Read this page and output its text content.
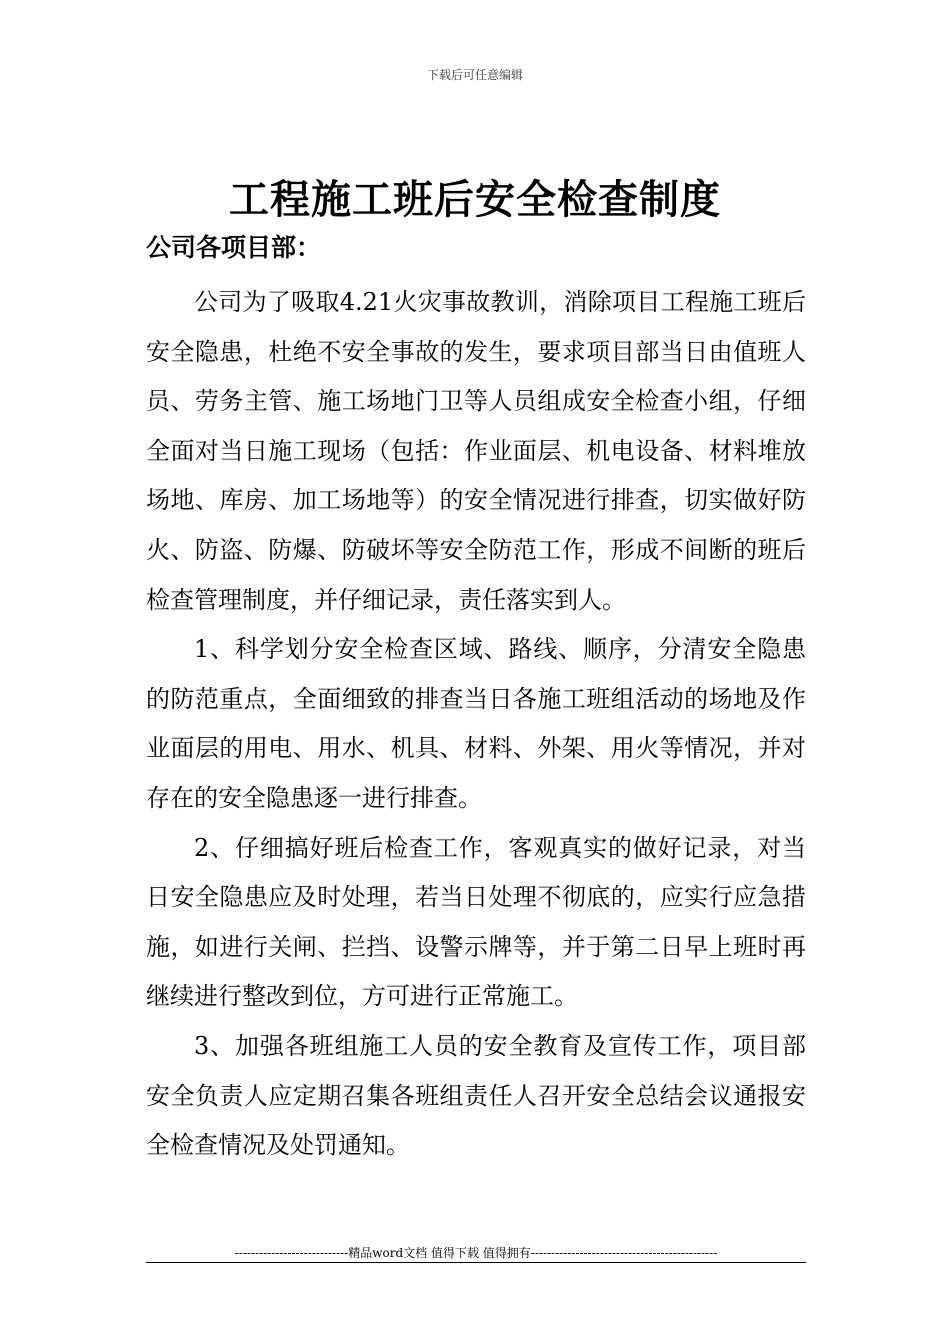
下载后可任意编辑
工程施工班后安全检查制度
公司各项目部：

公司为了吸取4.21火灾事故教训，消除项目工程施工班后安全隐患，杜绝不安全事故的发生，要求项目部当日由值班人员、劳务主管、施工场地门卫等人员组成安全检查小组，仔细全面对当日施工现场（包括：作业面层、机电设备、材料堆放场地、库房、加工场地等）的安全情况进行排查，切实做好防火、防盗、防爆、防破坏等安全防范工作，形成不间断的班后检查管理制度，并仔细记录，责任落实到人。

1、科学划分安全检查区域、路线、顺序，分清安全隐患的防范重点，全面细致的排查当日各施工班组活动的场地及作业面层的用电、用水、机具、材料、外架、用火等情况，并对存在的安全隐患逐一进行排查。

2、仔细搞好班后检查工作，客观真实的做好记录，对当日安全隐患应及时处理，若当日处理不彻底的，应实行应急措施，如进行关闸、拦挡、设警示牌等，并于第二日早上班时再继续进行整改到位，方可进行正常施工。

3、加强各班组施工人员的安全教育及宣传工作，项目部安全负责人应定期召集各班组责任人召开安全总结会议通报安全检查情况及处罚通知。

----------------------------精品word文档 值得下载 值得拥有----------------------------------------------
